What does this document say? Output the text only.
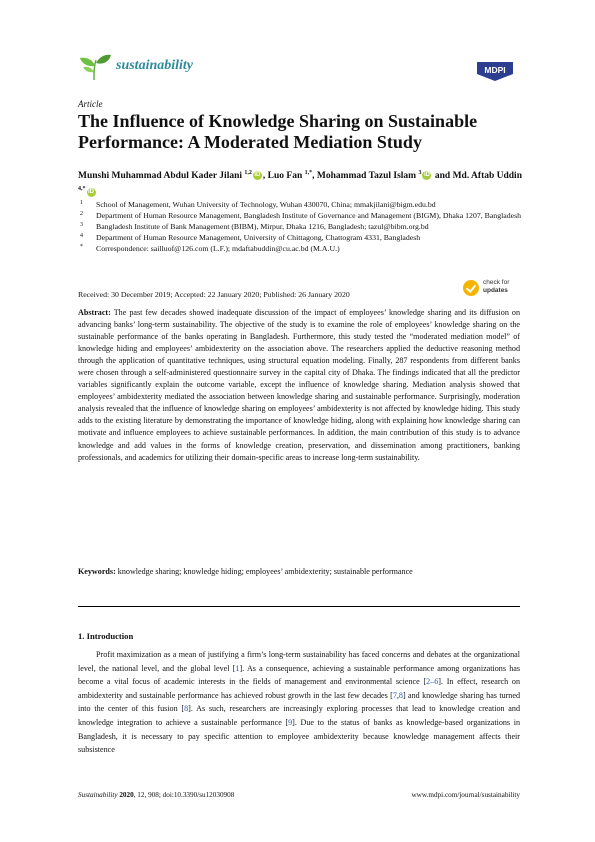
sustainability	MDPI
Article
The Influence of Knowledge Sharing on Sustainable Performance: A Moderated Mediation Study
Munshi Muhammad Abdul Kader Jilani $^{1,2}$ iD , Luo Fan $^{1,*}$, Mohammad Tazul Islam $^3$ iD and Md. Aftab Uddin $^{4,*}$ iD
1 School of Management, Wuhan University of Technology, Wuhan 430070, China; mmakjilani@bigm.edu.bd
2 Department of Human Resource Management, Bangladesh Institute of Governance and Management (BIGM), Dhaka 1207, Bangladesh
3 Bangladesh Institute of Bank Management (BIBM), Mirpur, Dhaka 1216, Bangladesh; tazul@bibm.org.bd
4 Department of Human Resource Management, University of Chittagong, Chattogram 4331, Bangladesh
* Correspondence: sailluof@126.com (L.F.); mdaftabuddin@cu.ac.bd (M.A.U.)
Received: 30 December 2019; Accepted: 22 January 2020; Published: 26 January 2020
check for
updates
Abstract: The past few decades showed inadequate discussion of the impact of employees’ knowledge sharing and its diffusion on advancing banks’ long-term sustainability. The objective of the study is to examine the role of employees’ knowledge sharing on the sustainable performance of the banks operating in Bangladesh. Furthermore, this study tested the “moderated mediation model” of knowledge hiding and employees’ ambidexterity on the association above. The researchers applied the deductive reasoning method through the application of quantitative techniques, using structural equation modeling. Finally, 287 respondents from different banks were chosen through a self-administered questionnaire survey in the capital city of Dhaka. The findings indicated that all the predictor variables significantly explain the outcome variable, except the influence of knowledge sharing. Mediation analysis showed that employees’ ambidexterity mediated the association between knowledge sharing and sustainable performance. Surprisingly, moderation analysis revealed that the influence of knowledge sharing on employees’ ambidexterity is not affected by knowledge hiding. This study adds to the existing literature by demonstrating the importance of knowledge hiding, along with explaining how knowledge sharing can motivate and influence employees to achieve sustainable performances. In addition, the main contribution of this study is to advance knowledge and add values in the forms of knowledge creation, preservation, and dissemination among practitioners, banking professionals, and academics for utilizing their domain-specific areas to increase long-term sustainability.
Keywords: knowledge sharing; knowledge hiding; employees’ ambidexterity; sustainable performance
1. Introduction
Profit maximization as a mean of justifying a firm’s long-term sustainability has faced concerns and debates at the organizational level, the national level, and the global level [1]. As a consequence, achieving a sustainable performance among organizations has become a vital focus of academic interests in the fields of management and environmental science [2–6]. In effect, research on ambidexterity and sustainable performance has achieved robust growth in the last few decades [7,8] and knowledge sharing has turned into the center of this fusion [8]. As such, researchers are increasingly exploring processes that lead to knowledge creation and knowledge integration to achieve a sustainable performance [9]. Due to the status of banks as knowledge-based organizations in Bangladesh, it is necessary to pay specific attention to employee ambidexterity because knowledge management affects their subsistence
Sustainability 2020, 12, 908; doi:10.3390/su12030908	www.mdpi.com/journal/sustainability
